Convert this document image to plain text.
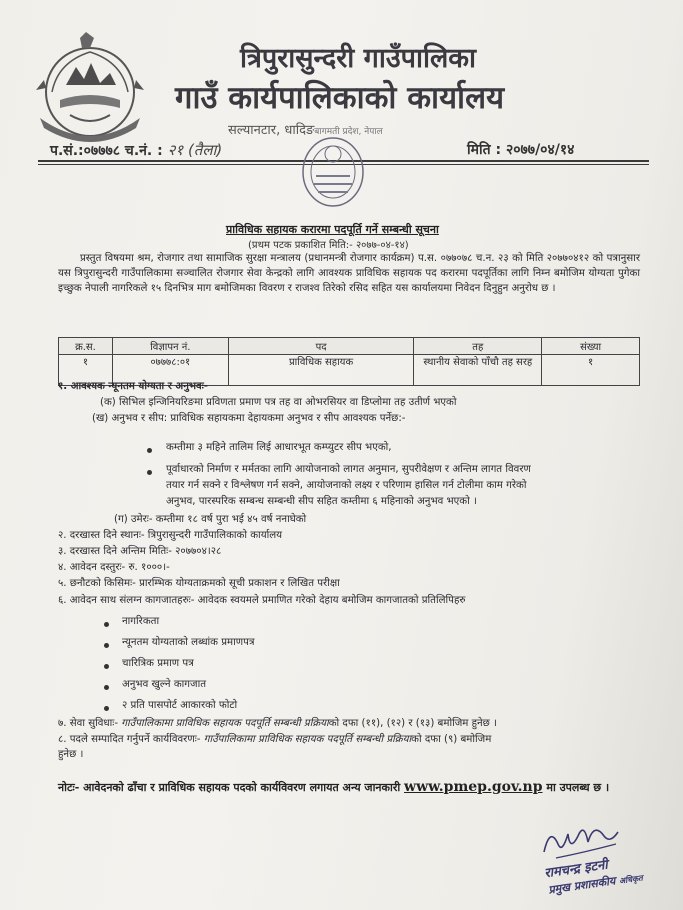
त्रिपुरासुन्दरी गाउँपालिका
गाउँ कार्यपालिकाको कार्यालय
सल्यानटार, धादिङबागमती प्रदेश, नेपाल
प.सं.:०७७७८ च.नं. : २१ (तैला)	मिति : २०७७/०४/१४
प्राविधिक सहायक करारमा पदपूर्ति गर्ने सम्बन्धी सूचना
(प्रथम पटक प्रकाशित मिति:- २०७७-०४-१४)
प्रस्तुत विषयमा श्रम, रोजगार तथा सामाजिक सुरक्षा मन्त्रालय (प्रधानमन्त्री रोजगार कार्यक्रम) प.स. ०७७०७८ च.न. २३ को मिति २०७७०४१२ को पत्रानुसार यस त्रिपुरासुन्दरी गाउँपालिकामा सञ्चालित रोजगार सेवा केन्द्रको लागि आवश्यक प्राविधिक सहायक पद करारमा पदपूर्तिका लागि निम्न बमोजिम योग्यता पुगेका इच्छुक नेपाली नागरिकले १५ दिनभित्र माग बमोजिमका विवरण र राजश्व तिरेको रसिद सहित यस कार्यालयमा निवेदन दिनुहुन अनुरोध छ ।
क्र.स.	विज्ञापन नं.	पद	तह	संख्या
१	०७७७८:०१	प्राविधिक सहायक	स्थानीय सेवाको पाँचौ तह सरह	१
१. आवश्यक न्यूनतम योग्यता र अनुभवः-
(क) सिभिल इन्जिनियरिङमा प्रविणता प्रमाण पत्र तह वा ओभरसियर वा डिप्लोमा तह उतीर्ण भएको
(ख) अनुभव र सीप: प्राविधिक सहायकमा देहायकमा अनुभव र सीप आवश्यक पर्नेछ:-
कम्तीमा ३ महिने तालिम लिई आधारभूत कम्प्युटर सीप भएको,
पूर्वाधारको निर्माण र मर्मतका लागि आयोजनाको लागत अनुमान, सुपरीवेक्षण र अन्तिम लागत विवरण
तयार गर्न सक्ने र विश्लेषण गर्न सक्ने, आयोजनाको लक्ष्य र परिणाम हासिल गर्न टोलीमा काम गरेको
अनुभव, पारस्परिक सम्बन्ध सम्बन्धी सीप सहित कम्तीमा ६ महिनाको अनुभव भएको ।
(ग) उमेरः- कम्तीमा १८ वर्ष पुरा भई ४५ वर्ष ननाघेको
२. दरखास्त दिने स्थानः- त्रिपुरासुन्दरी गाउँपालिकाको कार्यालय
३. दरखास्त दिने अन्तिम मितिः- २०७७०४।२८
४. आवेदन दस्तुरः- रु. १०००।-
५. छनौटको किसिमः- प्रारम्भिक योग्यताक्रमको सूची प्रकाशन र लिखित परीक्षा
६. आवेदन साथ संलग्न कागजातहरुः- आवेदक स्वयमले प्रमाणित गरेको देहाय बमोजिम कागजातको प्रतिलिपिहरु
नागरिकता
न्यूनतम योग्यताको लब्धांक प्रमाणपत्र
चारित्रिक प्रमाण पत्र
अनुभव खुल्ने कागजात
२ प्रति पासपोर्ट आकारको फोटो
७. सेवा सुविधाः- गाउँपालिकामा प्राविधिक सहायक पदपूर्ति सम्बन्धी प्रक्रियाको दफा (११), (१२) र (१३) बमोजिम हुनेछ ।
८. पदले सम्पादित गर्नुपर्ने कार्यविवरणः- गाउँपालिकामा प्राविधिक सहायक पदपूर्ति सम्बन्धी प्रक्रियाको दफा (९) बमोजिम
हुनेछ ।
नोटः- आवेदनको ढाँचा र प्राविधिक सहायक पदको कार्यविवरण लगायत अन्य जानकारी www.pmep.gov.np मा उपलब्ध छ ।
रामचन्द्र इटनी
प्रमुख प्रशासकीय अधिकृत
